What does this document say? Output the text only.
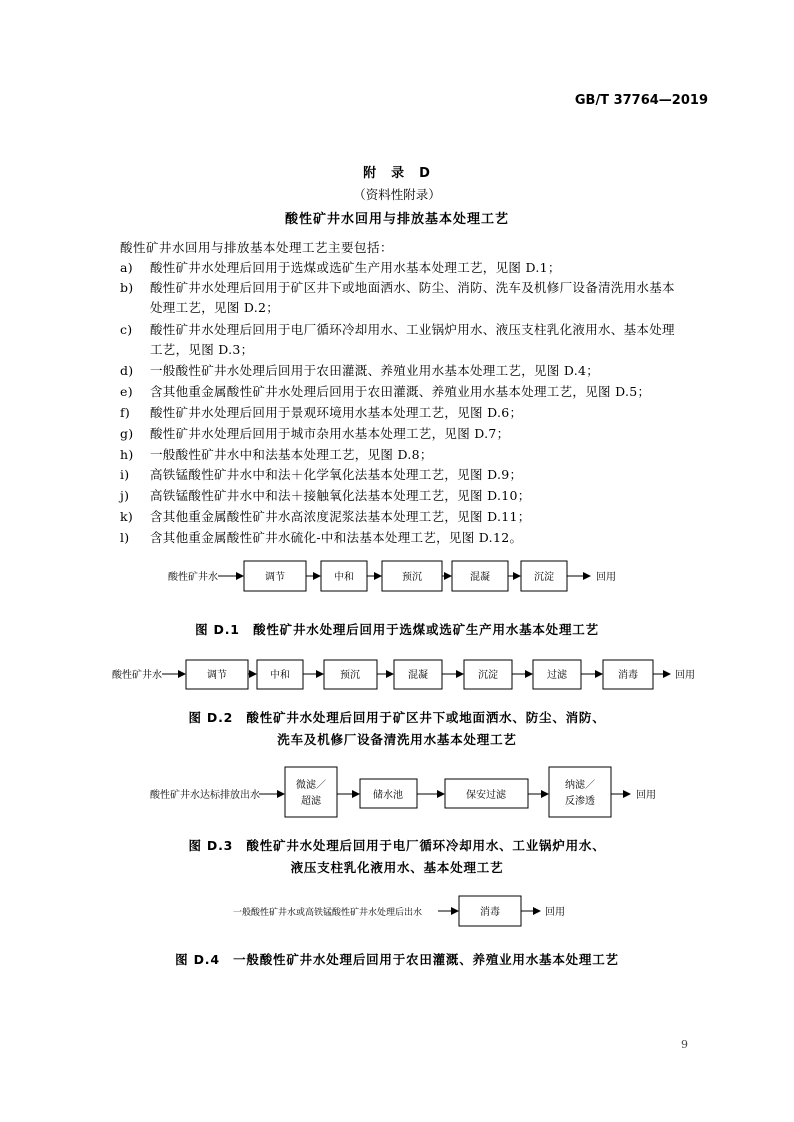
GB/T 37764—2019
附　录　D
（资料性附录）
酸性矿井水回用与排放基本处理工艺
酸性矿井水回用与排放基本处理工艺主要包括：
a) 酸性矿井水处理后回用于选煤或选矿生产用水基本处理工艺，见图 D.1；
b) 酸性矿井水处理后回用于矿区井下或地面洒水、防尘、消防、洗车及机修厂设备清洗用水基本
处理工艺，见图 D.2；
c) 酸性矿井水处理后回用于电厂循环冷却用水、工业锅炉用水、液压支柱乳化液用水、基本处理
工艺，见图 D.3；
d) 一般酸性矿井水处理后回用于农田灌溉、养殖业用水基本处理工艺，见图 D.4；
e) 含其他重金属酸性矿井水处理后回用于农田灌溉、养殖业用水基本处理工艺，见图 D.5；
f) 酸性矿井水处理后回用于景观环境用水基本处理工艺，见图 D.6；
g) 酸性矿井水处理后回用于城市杂用水基本处理工艺，见图 D.7；
h) 一般酸性矿井水中和法基本处理工艺，见图 D.8；
i) 高铁锰酸性矿井水中和法＋化学氧化法基本处理工艺，见图 D.9；
j) 高铁锰酸性矿井水中和法＋接触氧化法基本处理工艺，见图 D.10；
k) 含其他重金属酸性矿井水高浓度泥浆法基本处理工艺，见图 D.11；
l) 含其他重金属酸性矿井水硫化-中和法基本处理工艺，见图 D.12。
酸性矿井水	调节	中和	预沉	混凝	沉淀	回用
图 D.1　酸性矿井水处理后回用于选煤或选矿生产用水基本处理工艺
酸性矿井水	调节	中和	预沉	混凝	沉淀	过滤	消毒	回用
图 D.2　酸性矿井水处理后回用于矿区井下或地面洒水、防尘、消防、
洗车及机修厂设备清洗用水基本处理工艺
酸性矿井水达标排放出水
微滤／
超滤
储水池	保安过滤
纳滤／
反渗透
回用
图 D.3　酸性矿井水处理后回用于电厂循环冷却用水、工业锅炉用水、
液压支柱乳化液用水、基本处理工艺
一般酸性矿井水或高铁锰酸性矿井水处理后出水	消毒	回用
图 D.4　一般酸性矿井水处理后回用于农田灌溉、养殖业用水基本处理工艺
9
